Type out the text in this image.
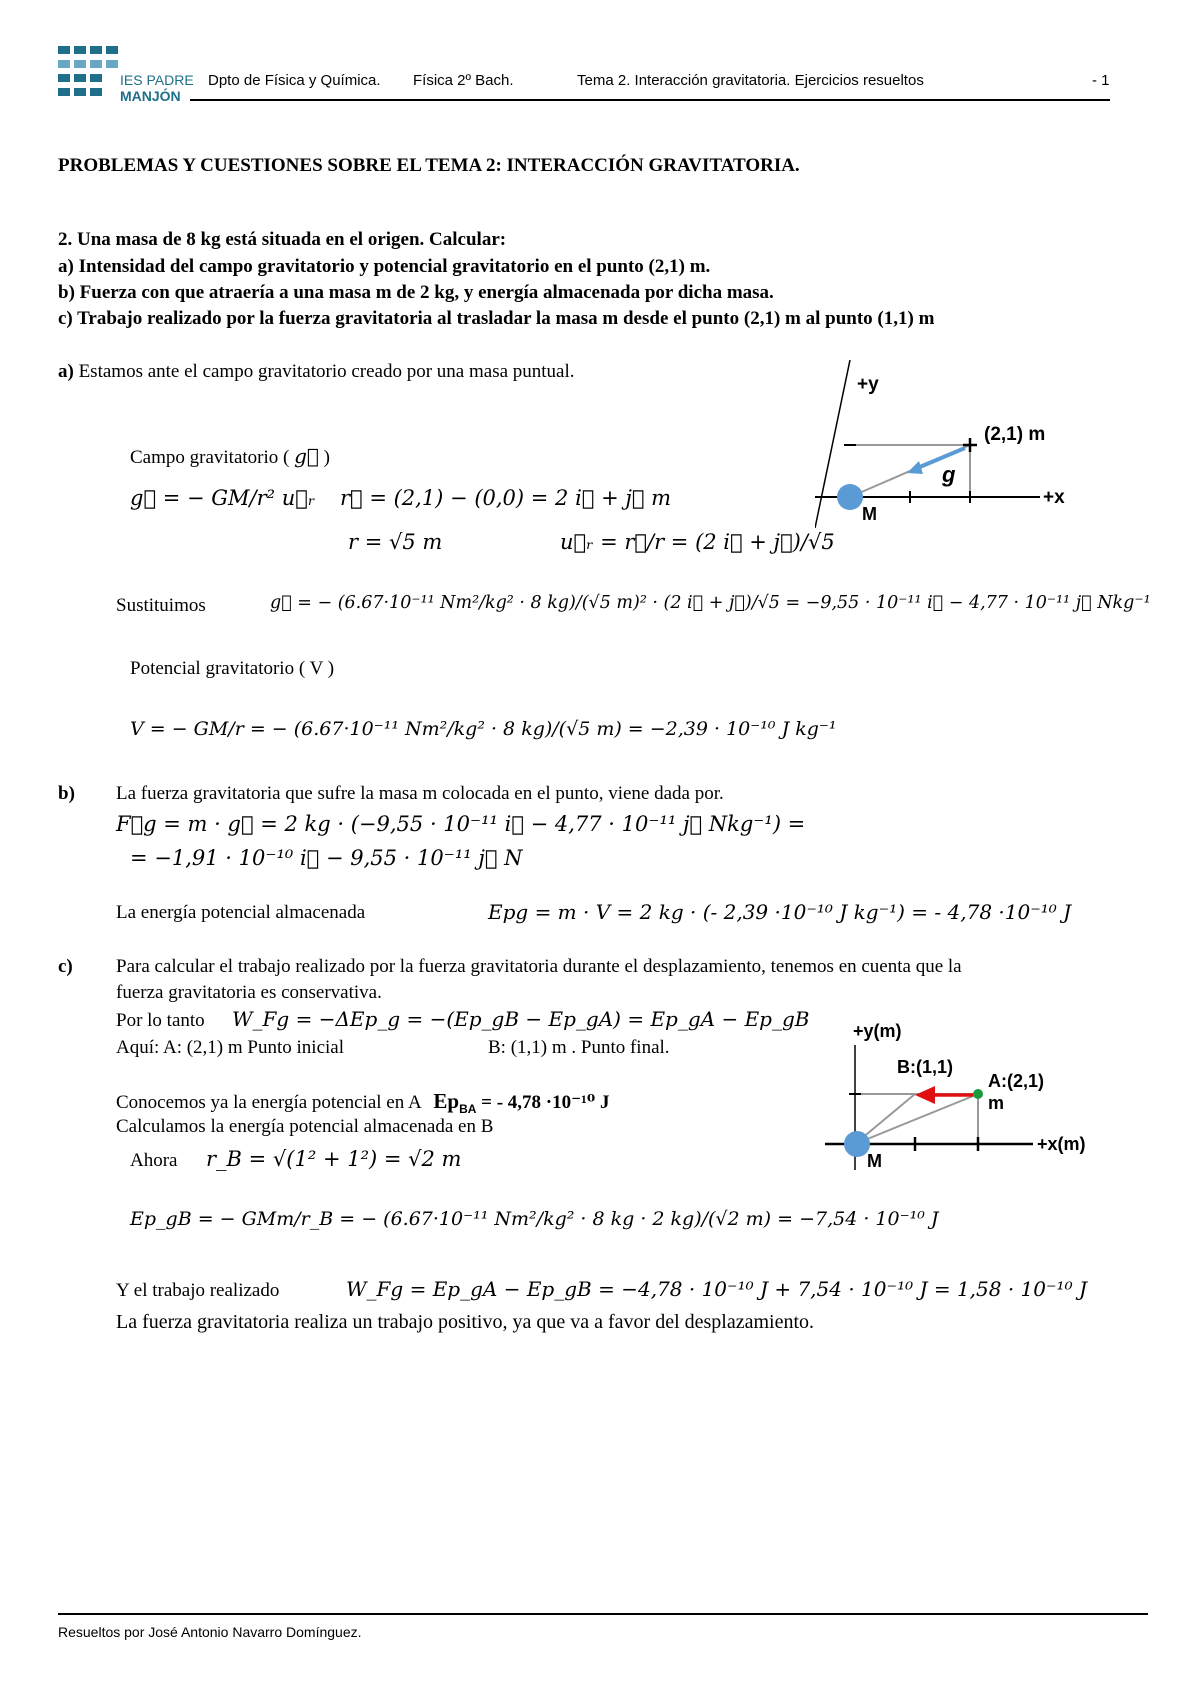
IES PADRE
MANJÓN
Dpto de Física y Química. Física 2º Bach.	Tema 2. Interacción gravitatoria. Ejercicios resueltos	- 1
PROBLEMAS Y CUESTIONES SOBRE EL TEMA 2: INTERACCIÓN GRAVITATORIA.
2. Una masa de 8 kg está situada en el origen. Calcular:
a) Intensidad del campo gravitatorio y potencial gravitatorio en el punto (2,1) m.
b) Fuerza con que atraería a una masa m de 2 kg, y energía almacenada por dicha masa.
c) Trabajo realizado por la fuerza gravitatoria al trasladar la masa m desde el punto (2,1) m al punto (1,1) m
a) Estamos ante el campo gravitatorio creado por una masa puntual.
Campo gravitatorio ( g⃗ )
g⃗ = − GM/r² u⃗ᵣ r⃗ = (2,1) − (0,0) = 2 i⃗ + j⃗ m
r = √5 m	u⃗ᵣ = r⃗/r = (2 i⃗ + j⃗)/√5
Sustituimos	g⃗ = − (6.67·10⁻¹¹ Nm²/kg² · 8 kg)/(√5 m)² · (2 i⃗ + j⃗)/√5 = −9,55 · 10⁻¹¹ i⃗ − 4,77 · 10⁻¹¹ j⃗ Nkg⁻¹
Potencial gravitatorio ( V )
V = − GM/r = − (6.67·10⁻¹¹ Nm²/kg² · 8 kg)/(√5 m) = −2,39 · 10⁻¹⁰ J kg⁻¹
+y
+x
(2,1) m
g
M
b) La fuerza gravitatoria que sufre la masa m colocada en el punto, viene dada por.
F⃗g = m · g⃗ = 2 kg · (−9,55 · 10⁻¹¹ i⃗ − 4,77 · 10⁻¹¹ j⃗ Nkg⁻¹) =
= −1,91 · 10⁻¹⁰ i⃗ − 9,55 · 10⁻¹¹ j⃗ N
La energía potencial almacenada	Epg = m · V = 2 kg · (- 2,39 ·10⁻¹⁰ J kg⁻¹) = - 4,78 ·10⁻¹⁰ J
c) Para calcular el trabajo realizado por la fuerza gravitatoria durante el desplazamiento, tenemos en cuenta que la
fuerza gravitatoria es conservativa.
Por lo tanto W_Fg = −ΔEp_g = −(Ep_gB − Ep_gA) = Ep_gA − Ep_gB
Aquí: A: (2,1) m Punto inicial	B: (1,1) m . Punto final.
Conocemos ya la energía potencial en A $Ep_{BA}$ = - 4,78 ·10⁻¹⁰ J
Calculamos la energía potencial almacenada en B
Ahora r_B = √(1² + 1²) = √2 m
Ep_gB = − GMm/r_B = − (6.67·10⁻¹¹ Nm²/kg² · 8 kg · 2 kg)/(√2 m) = −7,54 · 10⁻¹⁰ J
Y el trabajo realizado	W_Fg = Ep_gA − Ep_gB = −4,78 · 10⁻¹⁰ J + 7,54 · 10⁻¹⁰ J = 1,58 · 10⁻¹⁰ J
La fuerza gravitatoria realiza un trabajo positivo, ya que va a favor del desplazamiento.
+y(m)
+x(m)
B:(1,1)
A:(2,1)
m
M
Resueltos por José Antonio Navarro Domínguez.
